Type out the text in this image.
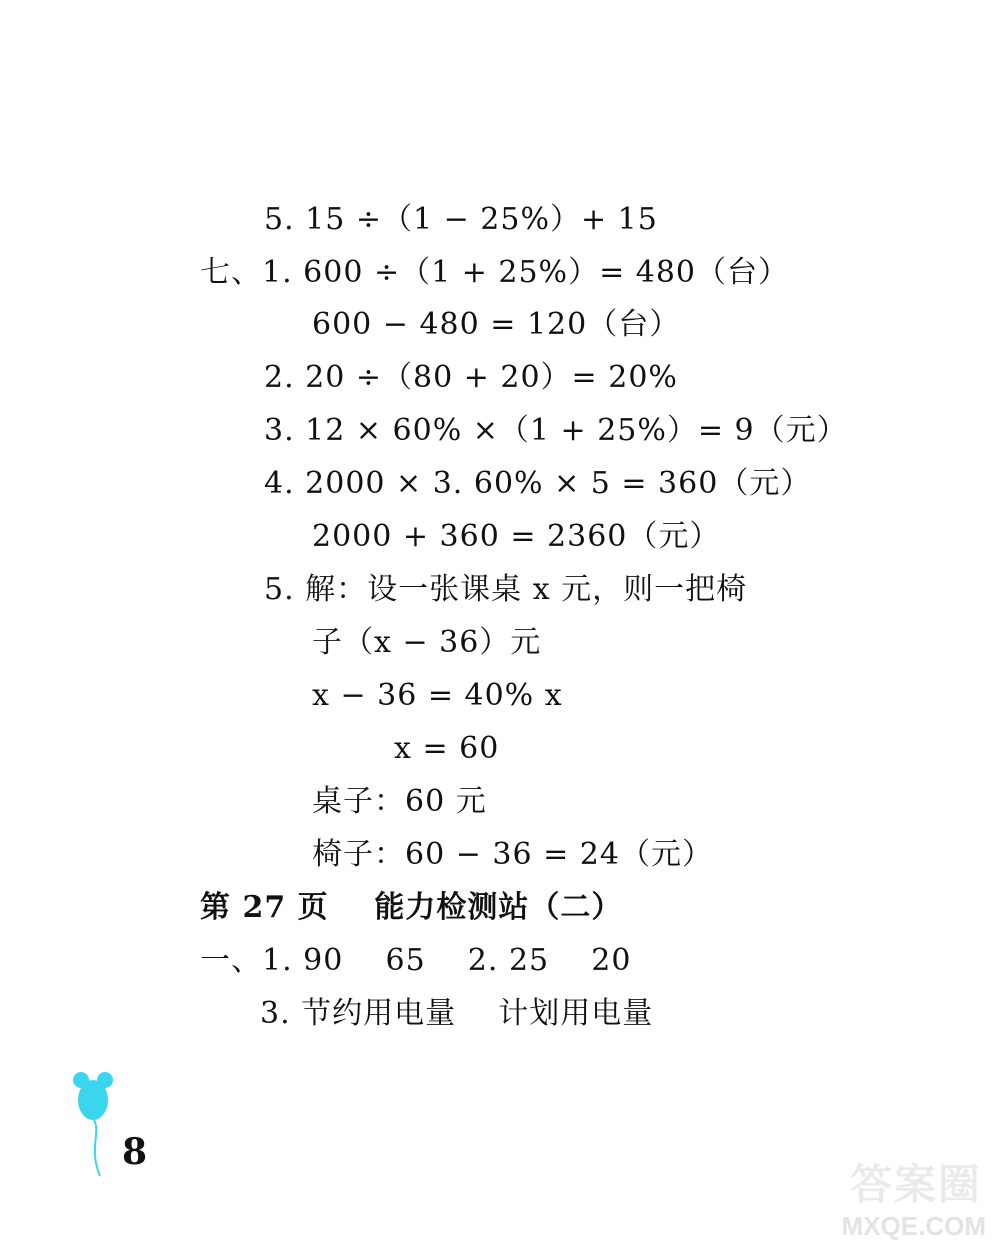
5. 15 ÷（1 − 25%）+ 15
七、1. 600 ÷（1 + 25%）= 480（台）
600 − 480 = 120（台）
2. 20 ÷（80 + 20）= 20%
3. 12 × 60% ×（1 + 25%）= 9（元）
4. 2000 × 3. 60% × 5 = 360（元）
2000 + 360 = 2360（元）
5. 解：设一张课桌 x 元，则一把椅
子（x − 36）元
x − 36 = 40% x
x = 60
桌子：60 元
椅子：60 − 36 = 24（元）
第 27 页    能力检测站（二）
一、1. 90    65    2. 25    20
3. 节约用电量    计划用电量
8
答案圈
MXQE.COM
